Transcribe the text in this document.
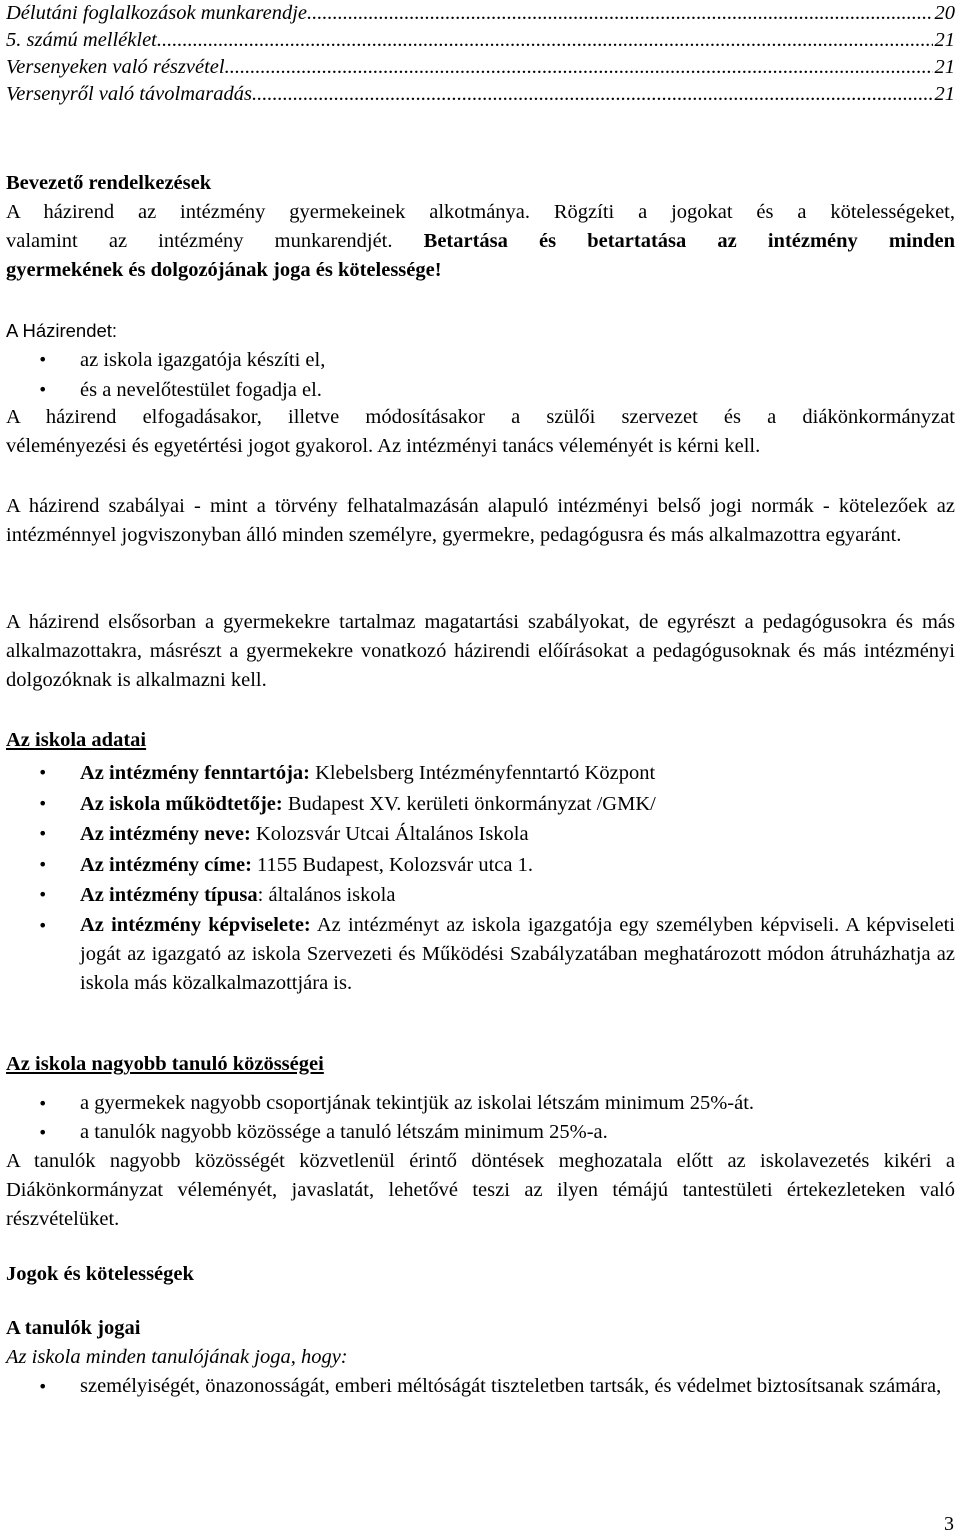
Délutáni foglalkozások munkarendje .....	20
5. számú melléklet .....	21
Versenyeken való részvétel .....	21
Versenyről való távolmaradás .....	21
Bevezető rendelkezések
A házirend az intézmény gyermekeinek alkotmánya. Rögzíti a jogokat és a kötelességeket,
valamint az intézmény munkarendjét. Betartása és betartatása az intézmény minden
gyermekének és dolgozójának joga és kötelessége!
A Házirendet:
• az iskola igazgatója készíti el,
• és a nevelőtestület fogadja el.
A házirend elfogadásakor, illetve módosításakor a szülői szervezet és a diákönkormányzat
véleményezési és egyetértési jogot gyakorol. Az intézményi tanács véleményét is kérni kell.

A házirend szabályai - mint a törvény felhatalmazásán alapuló intézményi belső jogi normák - kötelezőek az intézménnyel jogviszonyban álló minden személyre, gyermekre, pedagógusra és más alkalmazottra egyaránt.

A házirend elsősorban a gyermekekre tartalmaz magatartási szabályokat, de egyrészt a pedagógusokra és más alkalmazottakra, másrészt a gyermekekre vonatkozó házirendi előírásokat a pedagógusoknak és más intézményi dolgozóknak is alkalmazni kell.

Az iskola adatai
• Az intézmény fenntartója: Klebelsberg Intézményfenntartó Központ
• Az iskola működtetője: Budapest XV. kerületi önkormányzat /GMK/
• Az intézmény neve: Kolozsvár Utcai Általános Iskola
• Az intézmény címe: 1155 Budapest, Kolozsvár utca 1.
• Az intézmény típusa: általános iskola
• Az intézmény képviselete: Az intézményt az iskola igazgatója egy személyben képviseli. A képviseleti jogát az igazgató az iskola Szervezeti és Működési Szabályzatában meghatározott módon átruházhatja az iskola más közalkalmazottjára is.
Az iskola nagyobb tanuló közösségei
• a gyermekek nagyobb csoportjának tekintjük az iskolai létszám minimum 25%-át.
• a tanulók nagyobb közössége a tanuló létszám minimum 25%-a.

A tanulók nagyobb közösségét közvetlenül érintő döntések meghozatala előtt az iskolavezetés kikéri a Diákönkormányzat véleményét, javaslatát, lehetővé teszi az ilyen témájú tantestületi értekezleteken való részvételüket.

Jogok és kötelességek
A tanulók jogai
Az iskola minden tanulójának joga, hogy:
• személyiségét, önazonosságát, emberi méltóságát tiszteletben tartsák, és védelmet biztosítsanak számára,
3
